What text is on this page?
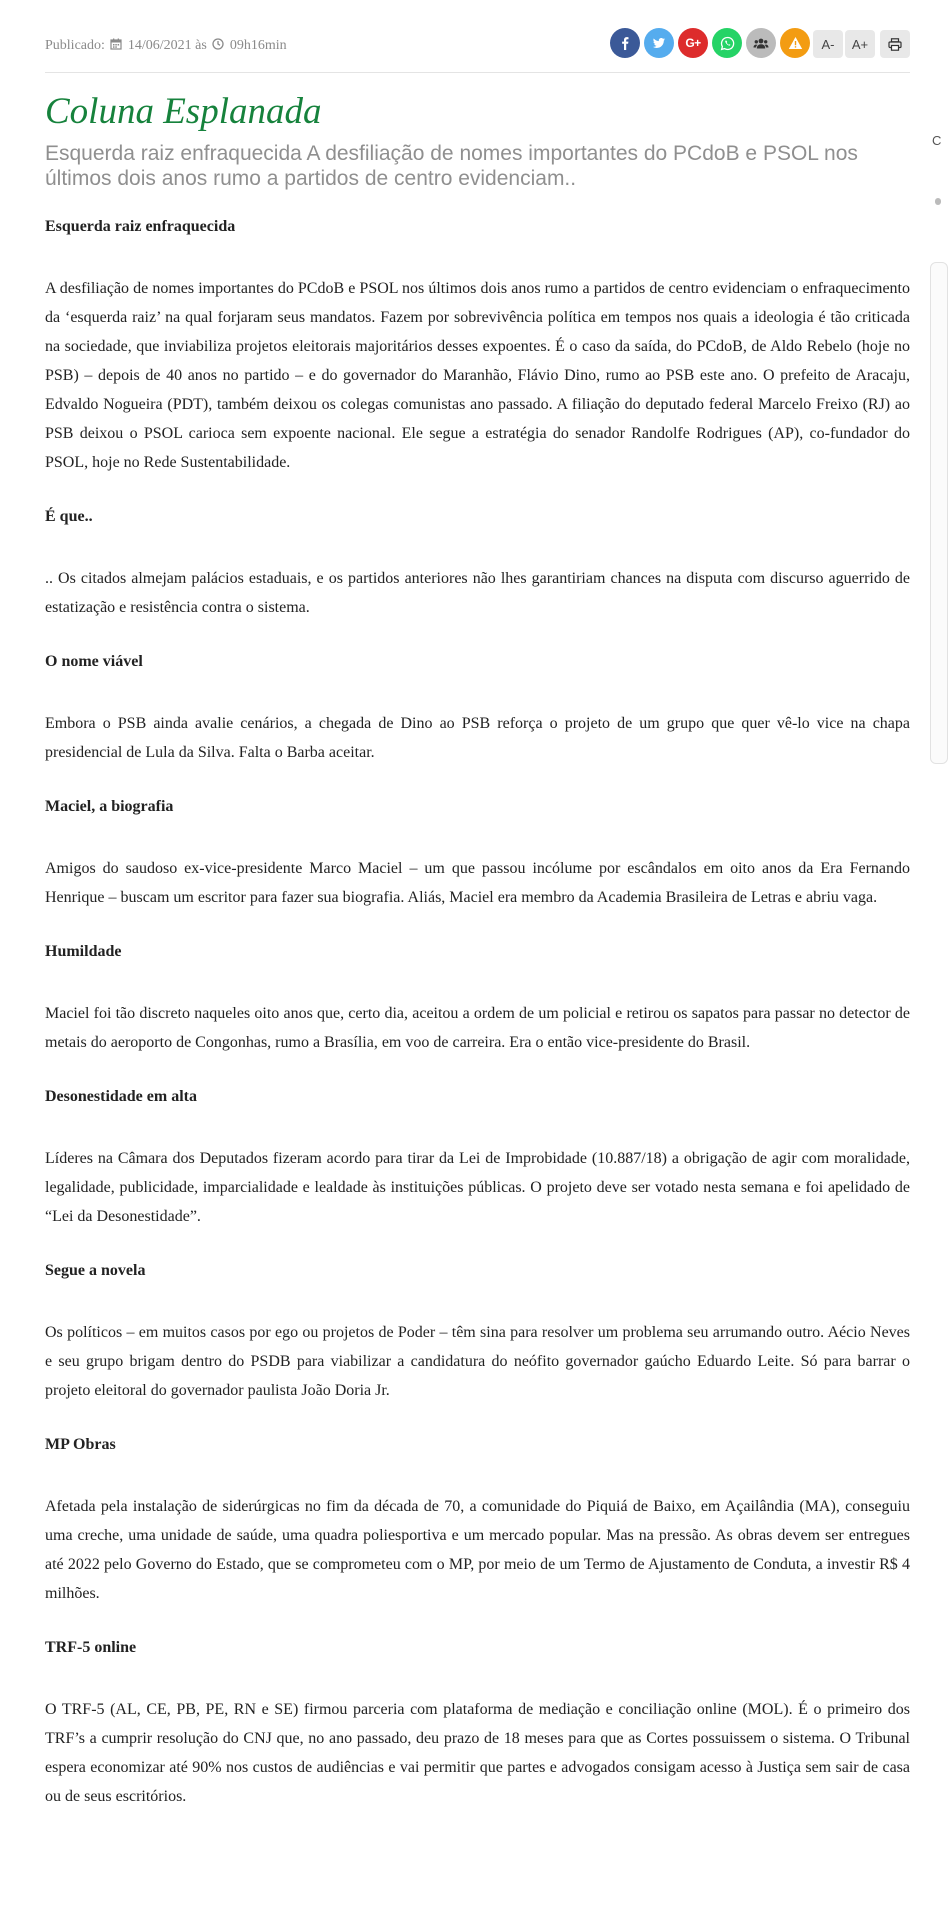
Publicado: 14/06/2021 às 09h16min	G+	A- A+
Coluna Esplanada
Esquerda raiz enfraquecida A desfiliação de nomes importantes do PCdoB e PSOL nos últimos dois anos rumo a partidos de centro evidenciam..
Esquerda raiz enfraquecida

A desfiliação de nomes importantes do PCdoB e PSOL nos últimos dois anos rumo a partidos de centro evidenciam o enfraquecimento da ‘esquerda raiz’ na qual forjaram seus mandatos. Fazem por sobrevivência política em tempos nos quais a ideologia é tão criticada na sociedade, que inviabiliza projetos eleitorais majoritários desses expoentes. É o caso da saída, do PCdoB, de Aldo Rebelo (hoje no PSB) – depois de 40 anos no partido – e do governador do Maranhão, Flávio Dino, rumo ao PSB este ano. O prefeito de Aracaju, Edvaldo Nogueira (PDT), também deixou os colegas comunistas ano passado. A filiação do deputado federal Marcelo Freixo (RJ) ao PSB deixou o PSOL carioca sem expoente nacional. Ele segue a estratégia do senador Randolfe Rodrigues (AP), co-fundador do PSOL, hoje no Rede Sustentabilidade.

É que..

.. Os citados almejam palácios estaduais, e os partidos anteriores não lhes garantiriam chances na disputa com discurso aguerrido de estatização e resistência contra o sistema.

O nome viável

Embora o PSB ainda avalie cenários, a chegada de Dino ao PSB reforça o projeto de um grupo que quer vê-lo vice na chapa presidencial de Lula da Silva. Falta o Barba aceitar.

Maciel, a biografia

Amigos do saudoso ex-vice-presidente Marco Maciel – um que passou incólume por escândalos em oito anos da Era Fernando Henrique – buscam um escritor para fazer sua biografia. Aliás, Maciel era membro da Academia Brasileira de Letras e abriu vaga.

Humildade

Maciel foi tão discreto naqueles oito anos que, certo dia, aceitou a ordem de um policial e retirou os sapatos para passar no detector de metais do aeroporto de Congonhas, rumo a Brasília, em voo de carreira. Era o então vice-presidente do Brasil.

Desonestidade em alta

Líderes na Câmara dos Deputados fizeram acordo para tirar da Lei de Improbidade (10.887/18) a obrigação de agir com moralidade, legalidade, publicidade, imparcialidade e lealdade às instituições públicas. O projeto deve ser votado nesta semana e foi apelidado de “Lei da Desonestidade”.

Segue a novela

Os políticos – em muitos casos por ego ou projetos de Poder – têm sina para resolver um problema seu arrumando outro. Aécio Neves e seu grupo brigam dentro do PSDB para viabilizar a candidatura do neófito governador gaúcho Eduardo Leite. Só para barrar o projeto eleitoral do governador paulista João Doria Jr.

MP Obras

Afetada pela instalação de siderúrgicas no fim da década de 70, a comunidade do Piquiá de Baixo, em Açailândia (MA), conseguiu uma creche, uma unidade de saúde, uma quadra poliesportiva e um mercado popular. Mas na pressão. As obras devem ser entregues até 2022 pelo Governo do Estado, que se comprometeu com o MP, por meio de um Termo de Ajustamento de Conduta, a investir R$ 4 milhões.

TRF-5 online

O TRF-5 (AL, CE, PB, PE, RN e SE) firmou parceria com plataforma de mediação e conciliação online (MOL). É o primeiro dos TRF’s a cumprir resolução do CNJ que, no ano passado, deu prazo de 18 meses para que as Cortes possuissem o sistema. O Tribunal espera economizar até 90% nos custos de audiências e vai permitir que partes e advogados consigam acesso à Justiça sem sair de casa ou de seus escritórios.

C
